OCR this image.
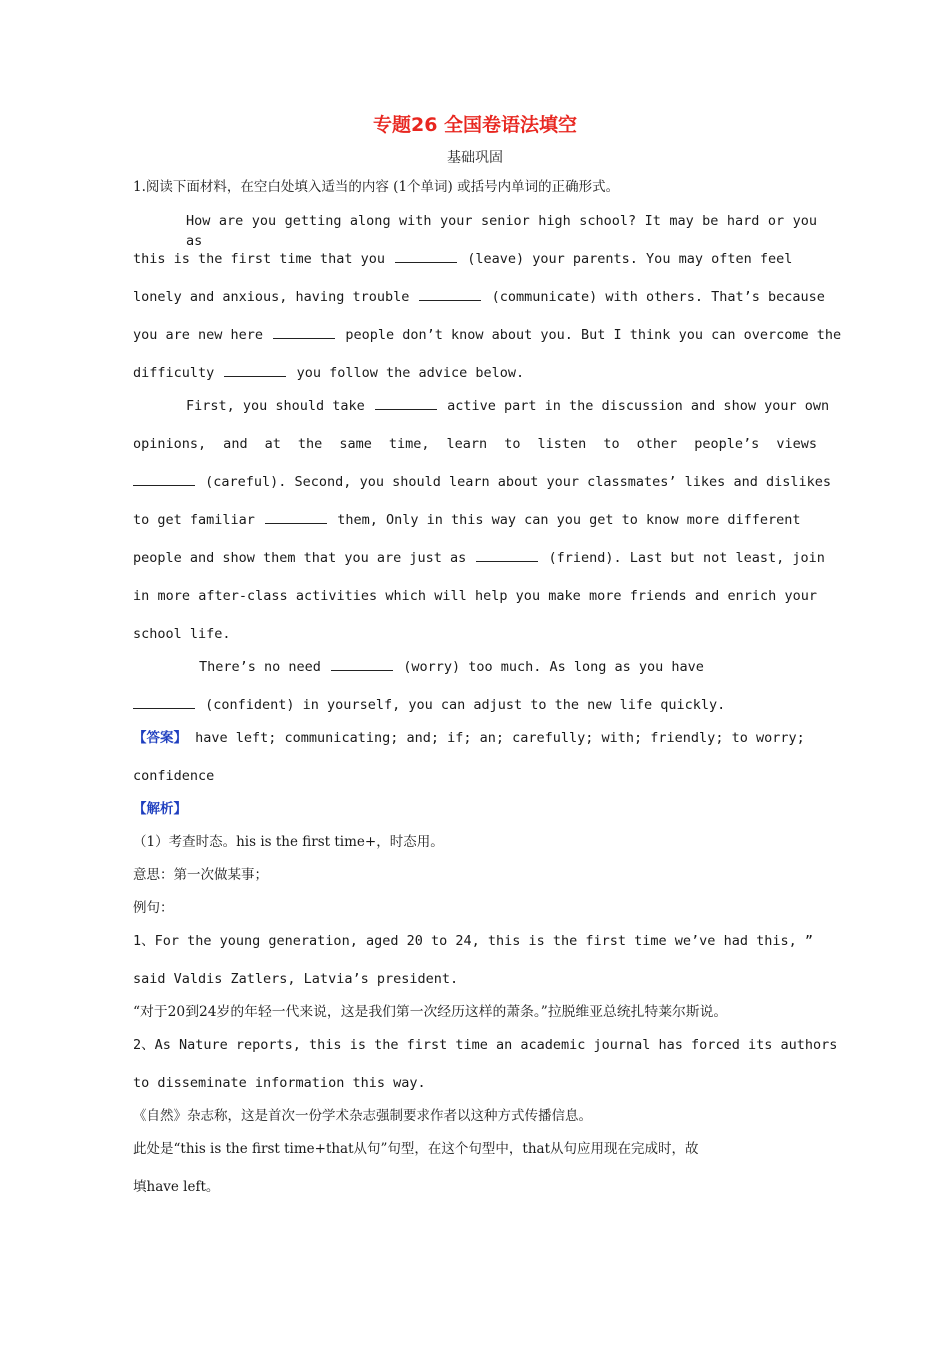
专题26 全国卷语法填空
基础巩固
1.阅读下面材料，在空白处填入适当的内容 (1个单词) 或括号内单词的正确形式。
How are you getting along with your senior high school? It may be hard or you as
this is the first time that you	(leave) your parents. You may often feel
lonely and anxious, having trouble	(communicate) with others. That’s because
you are new here	people don’t know about you. But I think you can overcome the
difficulty	you follow the advice below.
First, you should take	active part in the discussion and show your own
opinions, and at the same time, learn to listen to other people’s views
(careful). Second, you should learn about your classmates’ likes and dislikes
to get familiar	them, Only in this way can you get to know more different
people and show them that you are just as	(friend). Last but not least, join
in more after-class activities which will help you make more friends and enrich your
school life.
There’s no need	(worry) too much. As long as you have
(confident) in yourself, you can adjust to the new life quickly.
【答案】 have left; communicating; and; if; an; carefully; with; friendly; to worry;
confidence
【解析】
（1）考查时态。his is the first time+，时态用。
意思：第一次做某事；
例句：
1、For the young generation, aged 20 to 24, this is the first time we’ve had this, ”
said Valdis Zatlers, Latvia’s president.
“对于20到24岁的年轻一代来说，这是我们第一次经历这样的萧条。”拉脱维亚总统扎特莱尔斯说。
2、As Nature reports, this is the first time an academic journal has forced its authors
to disseminate information this way.
《自然》杂志称，这是首次一份学术杂志强制要求作者以这种方式传播信息。
此处是“this is the first time+that从句”句型，在这个句型中，that从句应用现在完成时，故
填have left。
